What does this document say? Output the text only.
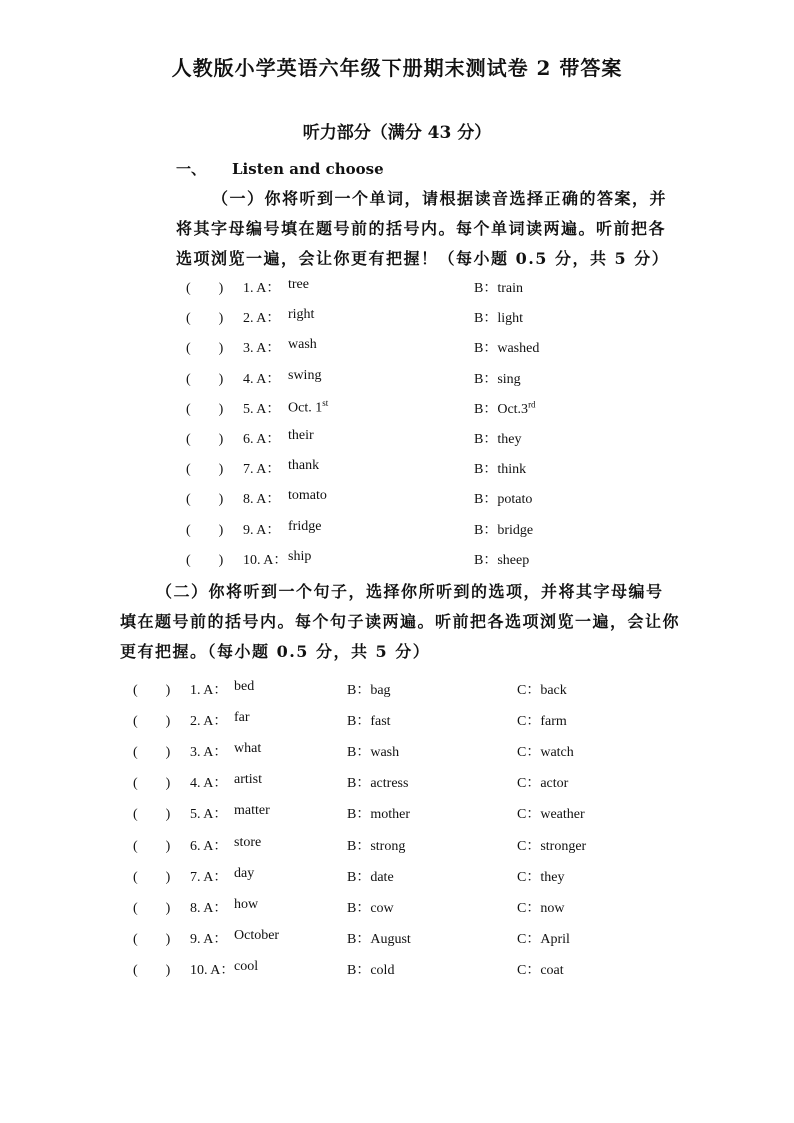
人教版小学英语六年级下册期末测试卷 2 带答案
听力部分（满分 43 分）
一、 Listen and choose
（一）你将听到一个单词，请根据读音选择正确的答案，并将其字母编号填在题号前的括号内。每个单词读两遍。听前把各选项浏览一遍，会让你更有把握！（每小题 0.5 分，共 5 分）
(　　) 1. A： tree	B：train
(　　) 2. A： right	B：light
(　　) 3. A： wash	B：washed
(　　) 4. A： swing	B：sing
(　　) 5. A： Oct. 1st	B：Oct.3rd
(　　) 6. A： their	B：they
(　　) 7. A： thank	B：think
(　　) 8. A： tomato	B：potato
(　　) 9. A： fridge	B：bridge
(　　) 10. A： ship	B：sheep
（二）你将听到一个句子，选择你所听到的选项，并将其字母编号填在题号前的括号内。每个句子读两遍。听前把各选项浏览一遍，会让你更有把握。（每小题 0.5 分，共 5 分）
(　　) 1. A： bed	B：bag	C：back
(　　) 2. A： far	B：fast	C：farm
(　　) 3. A： what	B：wash	C：watch
(　　) 4. A： artist	B：actress	C：actor
(　　) 5. A： matter	B：mother	C：weather
(　　) 6. A： store	B：strong	C：stronger
(　　) 7. A： day	B：date	C：they
(　　) 8. A： how	B：cow	C：now
(　　) 9. A： October	B：August	C：April
(　　) 10. A： cool	B：cold	C：coat
